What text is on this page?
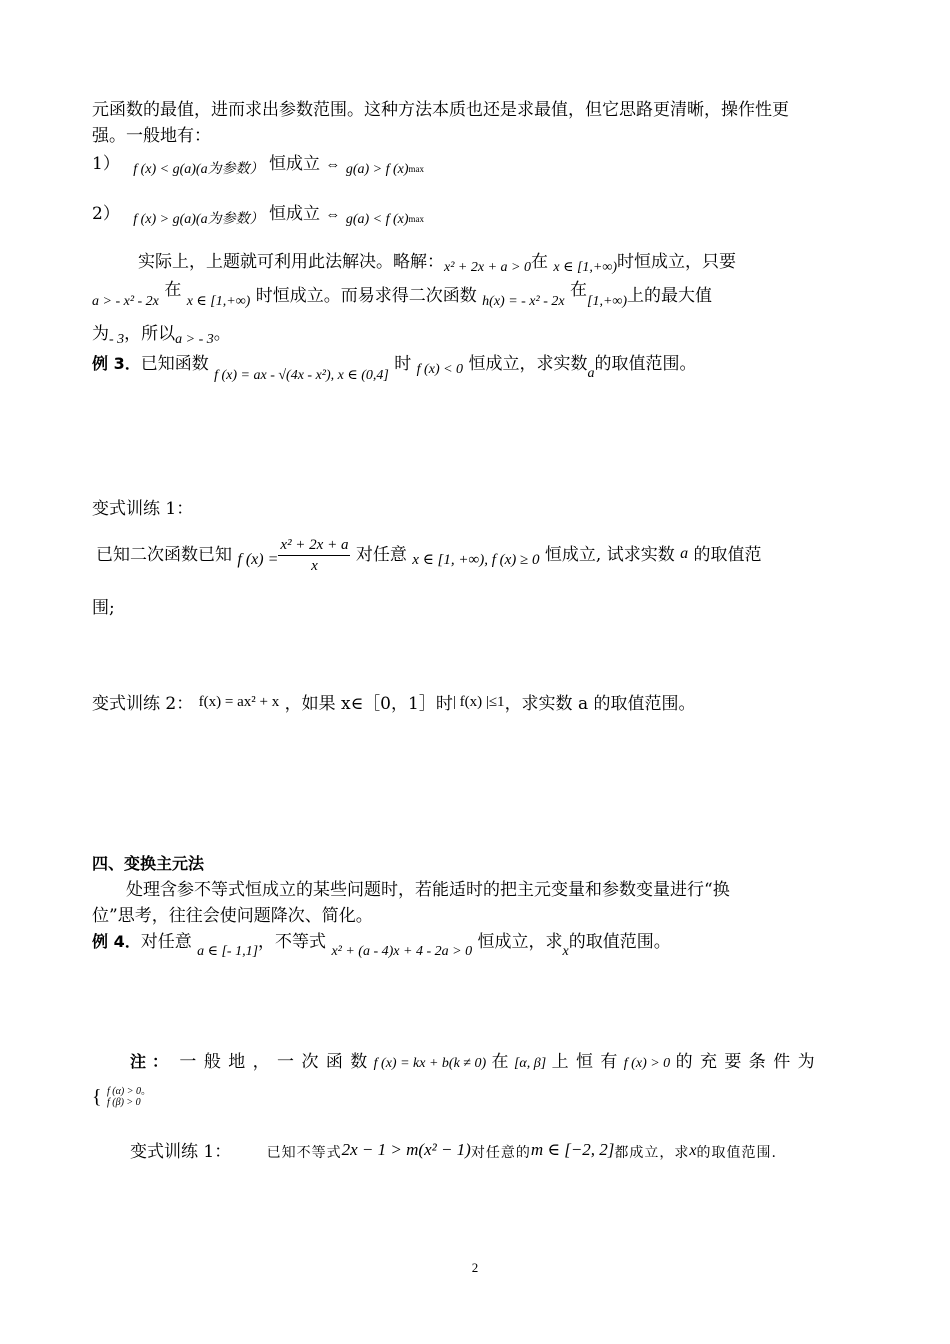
元函数的最值，进而求出参数范围。这种方法本质也还是求最值，但它思路更清晰，操作性更
强。一般地有：
1） $_{f (x) < g(a)(a为参数)}$ 恒成立 ⇔ $_{g(a) > f (x)max}$
2） $_{f (x) > g(a)(a为参数)}$ 恒成立 ⇔ $_{g(a) < f (x)max}$
实际上，上题就可利用此法解决。略解：$_{x^2 + 2x + a > 0}$在 $_{x \in [1,+\infty)}$时恒成立，只要
$_{a > - x^2 - 2x}$ 在 $_{x \in [1,+\infty)}$ 时恒成立。而易求得二次函数 $_{h(x) = - x^2 - 2x}$ 在$_{[1,+\infty)}$上的最大值
为$_{- 3}$，所以$_{a > - 3}$。
例 3．已知函数 $_{f (x) = ax - √(4x - x^2), x \in (0,4]}$ 时 $_{f (x) < 0}$ 恒成立，求实数$_a$的取值范围。
变式训练 1：
已知二次函数已知 f $(x) = \frac{\text{x² + 2x + a}}{x}$ 对任意 x ∈ [1, +∞), f (x) ≥ 0 恒成立, 试求实数 a 的取值范
围;
变式训练 2： f(x) = ax² + x ，如果 x∈［0，1］时| f(x) |≤1，求实数 a 的取值范围。
四、变换主元法
处理含参不等式恒成立的某些问题时，若能适时的把主元变量和参数变量进行“换
位”思考，往往会使问题降次、简化。
例 4．对任意 $_{a \in [- 1,1]}$，不等式 $_{x^2 + (a - 4)x + 4 - 2a > 0}$ 恒成立，求$_x$的取值范围。
注： 一 般 地 ， 一 次 函 数 f (x) = kx + b(k ≠ 0) 在 [α, β] 上 恒 有 f (x) > 0 的 充 要 条 件 为
{ f (α) > 0。
f (β) > 0
变式训练 1：	已知不等式2x − 1 > m(x² − 1)对任意的m ∈ [−2, 2]都成立，求x的取值范围.
2
